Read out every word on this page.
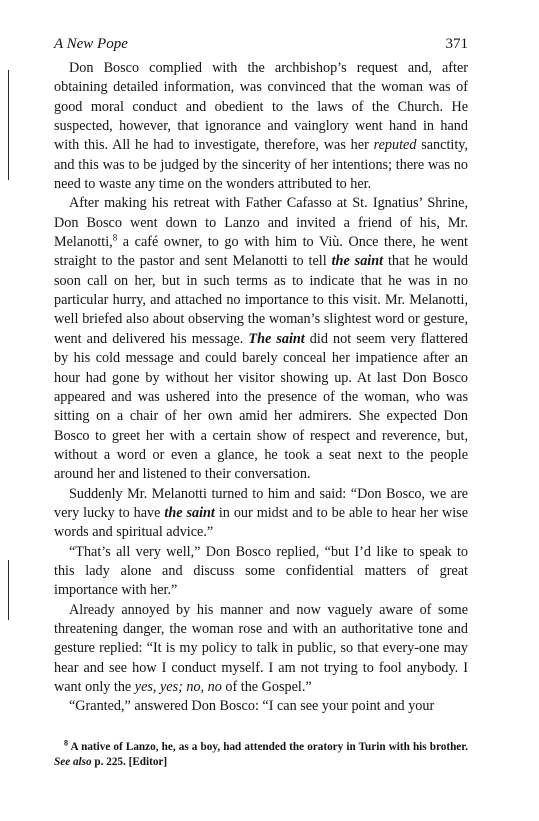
A New Pope	371

Don Bosco complied with the archbishop’s request and, after obtaining detailed information, was convinced that the woman was of good moral conduct and obedient to the laws of the Church. He suspected, however, that ignorance and vainglory went hand in hand with this. All he had to investigate, therefore, was her reputed sanctity, and this was to be judged by the sincerity of her intentions; there was no need to waste any time on the wonders attributed to her.

After making his retreat with Father Cafasso at St. Ignatius’ Shrine, Don Bosco went down to Lanzo and invited a friend of his, Mr. Melanotti,$^8$ a café owner, to go with him to Viù. Once there, he went straight to the pastor and sent Melanotti to tell the saint that he would soon call on her, but in such terms as to indicate that he was in no particular hurry, and attached no importance to this visit. Mr. Melanotti, well briefed also about observing the woman’s slightest word or gesture, went and delivered his message. The saint did not seem very flattered by his cold message and could barely conceal her impatience after an hour had gone by without her visitor showing up. At last Don Bosco appeared and was ushered into the presence of the woman, who was sitting on a chair of her own amid her admirers. She expected Don Bosco to greet her with a certain show of respect and reverence, but, without a word or even a glance, he took a seat next to the people around her and listened to their conversation.

Suddenly Mr. Melanotti turned to him and said: “Don Bosco, we are very lucky to have the saint in our midst and to be able to hear her wise words and spiritual advice.”

“That’s all very well,” Don Bosco replied, “but I’d like to speak to this lady alone and discuss some confidential matters of great importance with her.”

Already annoyed by his manner and now vaguely aware of some threatening danger, the woman rose and with an authoritative tone and gesture replied: “It is my policy to talk in public, so that every-one may hear and see how I conduct myself. I am not trying to fool anybody. I want only the yes, yes; no, no of the Gospel.”

“Granted,” answered Don Bosco: “I can see your point and your

$^8$ A native of Lanzo, he, as a boy, had attended the oratory in Turin with his brother. See also p. 225. [Editor]
